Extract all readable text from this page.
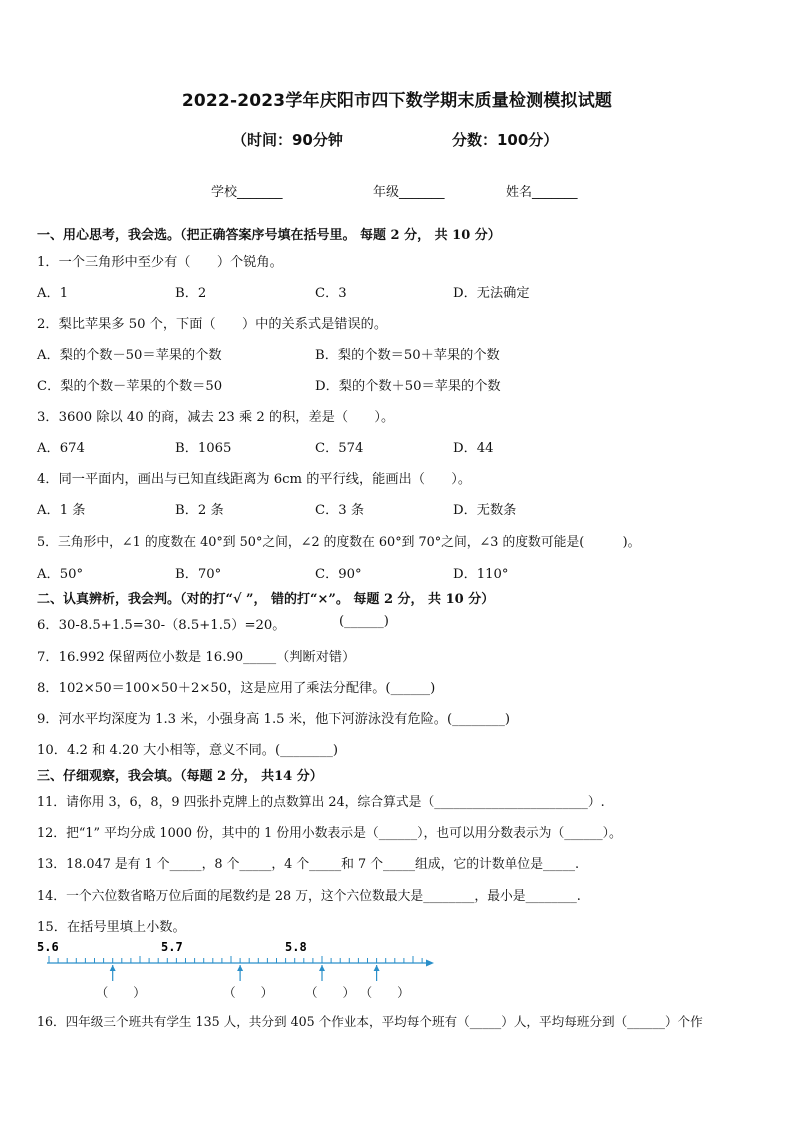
2022-2023学年庆阳市四下数学期末质量检测模拟试题
（时间：90分钟	分数：100分）
学校_______	年级_______	姓名_______
一、用心思考，我会选。（把正确答案序号填在括号里。 每题 2 分， 共 10 分）
1．一个三角形中至少有（　　）个锐角。
A．1	B．2	C．3	D．无法确定
2．梨比苹果多 50 个，下面（　　）中的关系式是错误的。
A．梨的个数－50＝苹果的个数	B．梨的个数＝50＋苹果的个数
C．梨的个数－苹果的个数＝50	D．梨的个数＋50＝苹果的个数
3．3600 除以 40 的商，减去 23 乘 2 的积，差是（　　）。
A．674	B．1065	C．574	D．44
4．同一平面内，画出与已知直线距离为 6cm 的平行线，能画出（　　）。
A．1 条	B．2 条	C．3 条	D．无数条
5．三角形中，∠1 的度数在 40°到 50°之间，∠2 的度数在 60°到 70°之间，∠3 的度数可能是(　　　)。
A．50°	B．70°	C．90°	D．110°
二、认真辨析，我会判。（对的打“√ ”， 错的打“×”。 每题 2 分， 共 10 分）
6．30-8.5+1.5=30-（8.5+1.5）=20。	(______)
7．16.992 保留两位小数是 16.90_____（判断对错）
8．102×50＝100×50＋2×50，这是应用了乘法分配律。(______)
9．河水平均深度为 1.3 米，小强身高 1.5 米，他下河游泳没有危险。(________)
10．4.2 和 4.20 大小相等，意义不同。(________)
三、仔细观察，我会填。（每题 2 分， 共14 分）
11．请你用 3，6，8，9 四张扑克牌上的点数算出 24，综合算式是（________________________）.
12．把“1” 平均分成 1000 份，其中的 1 份用小数表示是（______），也可以用分数表示为（______）。
13．18.047 是有 1 个_____，8 个_____，4 个_____和 7 个_____组成，它的计数单位是_____.
14．一个六位数省略万位后面的尾数约是 28 万，这个六位数最大是________，最小是________.
15．在括号里填上小数。
5.6	5.7	5.8
（　　）	（　　）	（　　） （　　）
16．四年级三个班共有学生 135 人，共分到 405 个作业本，平均每个班有（_____）人，平均每班分到（______）个作
